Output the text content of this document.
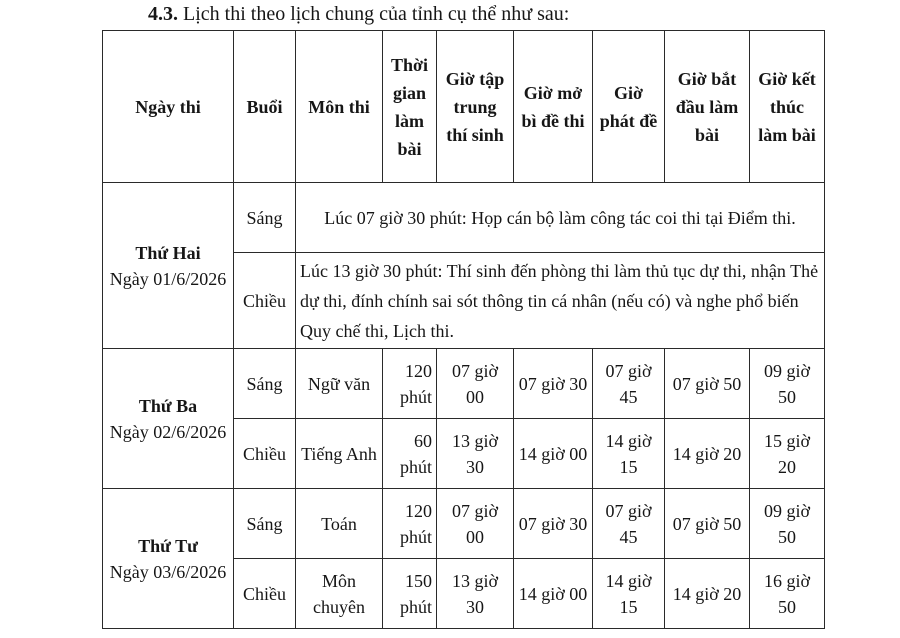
4.3. Lịch thi theo lịch chung của tỉnh cụ thể như sau:
Ngày thi	Buổi	Môn thi	Thời gian làm bài	Giờ tập trung thí sinh	Giờ mở bì đề thi	Giờ phát đề	Giờ bắt đầu làm bài	Giờ kết thúc làm bài

Thứ Hai
Ngày 01/6/2026	Sáng	Lúc 07 giờ 30 phút: Họp cán bộ làm công tác coi thi tại Điểm thi.						
	Chiều	Lúc 13 giờ 30 phút: Thí sinh đến phòng thi làm thủ tục dự thi, nhận Thẻ dự thi, đính chính sai sót thông tin cá nhân (nếu có) và nghe phổ biến Quy chế thi, Lịch thi.						

Thứ Ba
Ngày 02/6/2026	Sáng	Ngữ văn	120 phút	07 giờ 00	07 giờ 30	07 giờ 45	07 giờ 50	09 giờ 50
	Chiều	Tiếng Anh	60 phút	13 giờ 30	14 giờ 00	14 giờ 15	14 giờ 20	15 giờ 20

Thứ Tư
Ngày 03/6/2026	Sáng	Toán	120 phút	07 giờ 00	07 giờ 30	07 giờ 45	07 giờ 50	09 giờ 50
	Chiều	Môn chuyên	150 phút	13 giờ 30	14 giờ 00	14 giờ 15	14 giờ 20	16 giờ 50
